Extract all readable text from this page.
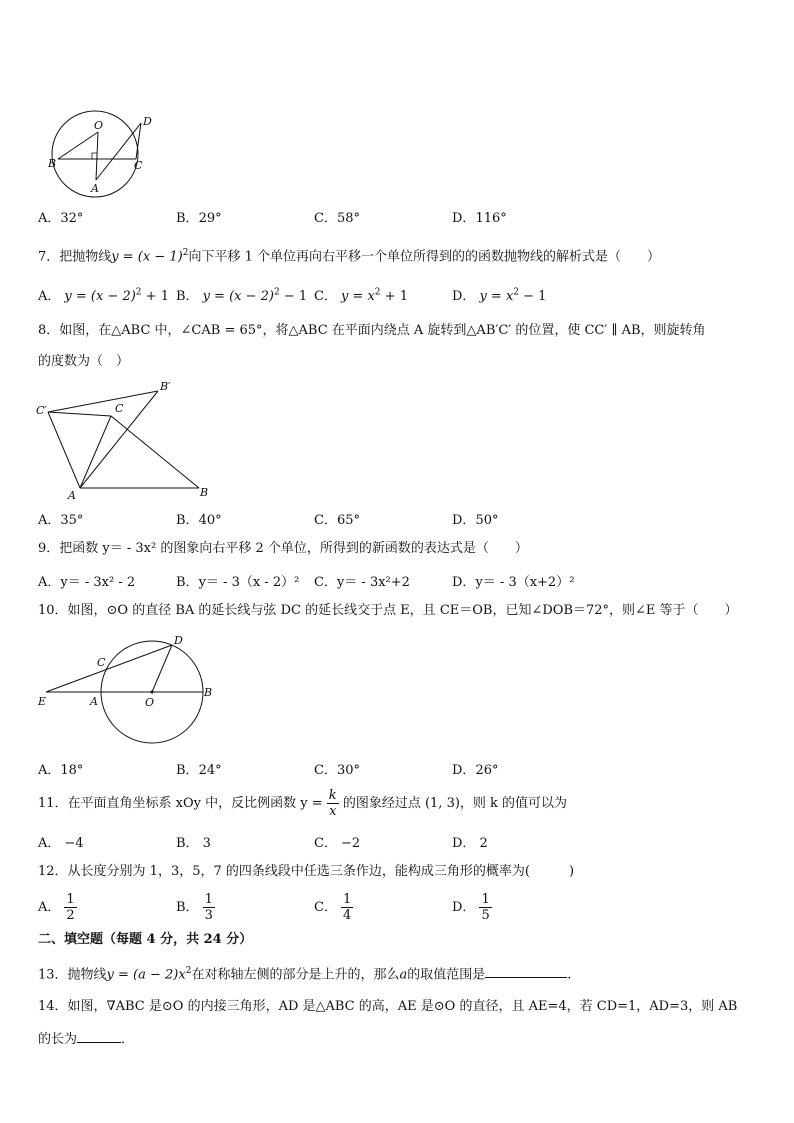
O	D
B	C
A
A．32°	B．29°	C．58°	D．116°
7．把抛物线$y = (x - 1)^2$向下平移 1 个单位再向右平移一个单位所得到的的函数抛物线的解析式是（　　）
A． $y = (x - 2)^2 + 1$ B． $y = (x - 2)^2 - 1$ C． $y = x^2 + 1$	D． $y = x^2 - 1$
8．如图，在△ABC 中，∠CAB = 65°，将△ABC 在平面内绕点 A 旋转到△AB′C′ 的位置，使 CC′ ∥ AB，则旋转角
的度数为（　）
C′	C
B′
A	B
A．35°	B．40°	C．65°	D．50°
9．把函数 y＝ - 3x² 的图象向右平移 2 个单位，所得到的新函数的表达式是（　　）
A．y＝ - 3x² - 2	B．y＝ - 3（x - 2）² C．y＝ - 3x²+2	D．y＝ - 3（x+2）²
10．如图，⊙O 的直径 BA 的延长线与弦 DC 的延长线交于点 E，且 CE＝OB，已知∠DOB＝72°，则∠E 等于（　　）
D
C
E	A	O
B
A．18°	B．24°	C．30°	D．26°
11．在平面直角坐标系 xOy 中，反比例函数 $y = \frac{k}{x}$ 的图象经过点 (1, 3)，则 k 的值可以为
A． −4	B． 3	C． −2	D． 2
12．从长度分别为 1，3，5，7 的四条线段中任选三条作边，能构成三角形的概率为(　　　)
A． $\frac{1}{2}$	B． $\frac{1}{3}$	C． $\frac{1}{4}$	D． $\frac{1}{5}$
二、填空题（每题 4 分，共 24 分）
13．抛物线$y = (a - 2)x^2$在对称轴左侧的部分是上升的，那么a的取值范围是	.
14．如图，∇ABC 是⊙O 的内接三角形，AD 是△ABC 的高，AE 是⊙O 的直径，且 AE=4，若 CD=1，AD=3，则 AB
的长为	．
